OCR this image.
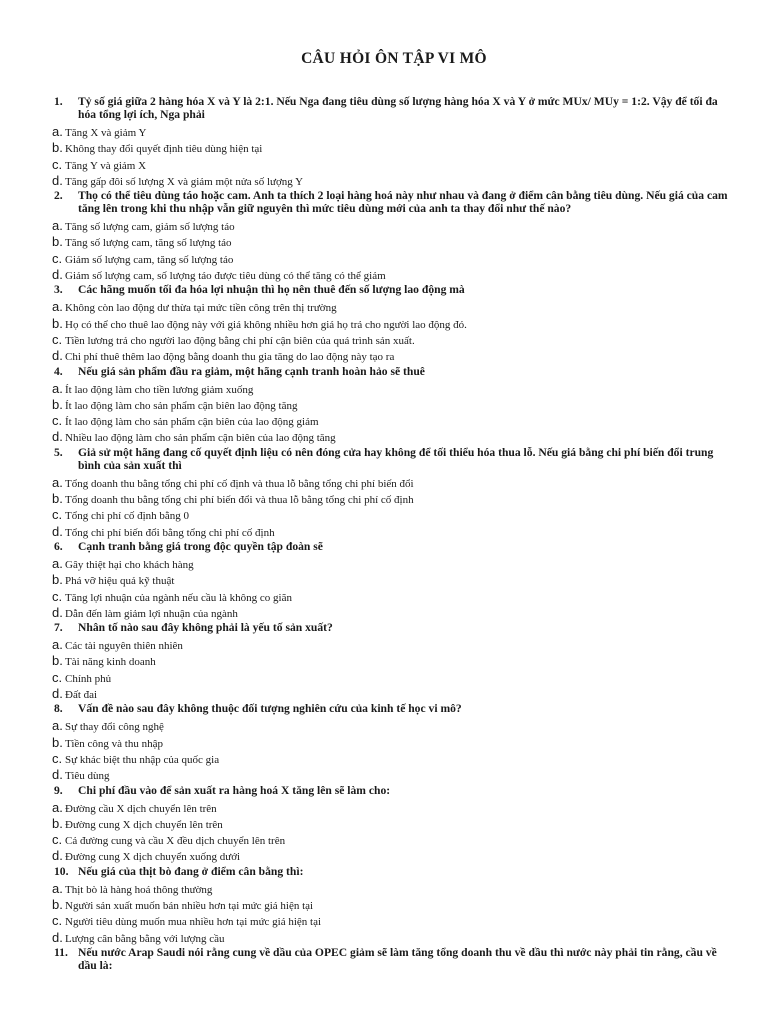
CÂU HỎI ÔN TẬP VI MÔ
1.	Tỷ số giá giữa 2 hàng hóa X và Y là 2:1. Nếu Nga đang tiêu dùng số lượng hàng hóa X và Y ở mức MUx/ MUy = 1:2. Vậy để tối đa hóa tổng lợi ích, Nga phải
a. Tăng X và giảm Y
b. Không thay đổi quyết định tiêu dùng hiện tại
c. Tăng Y và giảm X
d. Tăng gấp đôi số lượng X và giảm một nửa số lượng Y
2.	Thọ có thể tiêu dùng táo hoặc cam. Anh ta thích 2 loại hàng hoá này như nhau và đang ở điểm cân bằng tiêu dùng. Nếu giá của cam tăng lên trong khi thu nhập vẫn giữ nguyên thì mức tiêu dùng mới của anh ta thay đổi như thế nào?
a. Tăng số lượng cam, giảm số lượng táo
b. Tăng số lượng cam, tăng số lượng táo
c. Giảm số lượng cam, tăng số lượng táo
d. Giảm số lượng cam, số lượng táo được tiêu dùng có thể tăng có thể giảm
3.	Các hãng muốn tối đa hóa lợi nhuận thì họ nên thuê đến số lượng lao động mà
a. Không còn lao động dư thừa tại mức tiền công trên thị trường
b. Họ có thể cho thuê lao động này với giá không nhiều hơn giá họ trả cho người lao động đó.
c. Tiền lương trả cho người lao động bằng chi phí cận biên của quá trình sản xuất.
d. Chi phí thuê thêm lao động bằng doanh thu gia tăng do lao động này tạo ra
4.	Nếu giá sản phẩm đầu ra giảm, một hãng cạnh tranh hoàn hảo sẽ thuê
a. Ít lao động làm cho tiền lương giảm xuống
b. Ít lao động làm cho sản phẩm cận biên lao động tăng
c. Ít lao động làm cho sản phẩm cận biên của lao động giảm
d. Nhiều lao động làm cho sản phẩm cận biên của lao động tăng
5.	Giả sử một hãng đang cố quyết định liệu có nên đóng cửa hay không để tối thiểu hóa thua lỗ. Nếu giá bằng chi phí biến đổi trung bình của sản xuất thì
a. Tổng doanh thu bằng tổng chi phí cố định và thua lỗ bằng tổng chi phí biến đổi
b. Tổng doanh thu bằng tổng chi phí biến đổi và thua lỗ bằng tổng chi phí cố định
c. Tổng chi phí cố định bằng 0
d. Tổng chi phí biến đổi bằng tổng chi phí cố định
6.	Cạnh tranh bằng giá trong độc quyền tập đoàn sẽ
a. Gây thiệt hại cho khách hàng
b. Phá vỡ hiệu quả kỹ thuật
c. Tăng lợi nhuận của ngành nếu cầu là không co giãn
d. Dẫn đến làm giảm lợi nhuận của ngành
7.	Nhân tố nào sau đây không phải là yếu tố sản xuất?
a. Các tài nguyên thiên nhiên
b. Tài năng kinh doanh
c. Chính phủ
d. Đất đai
8.	Vấn đề nào sau đây không thuộc đối tượng nghiên cứu của kinh tế học vi mô?
a. Sự thay đổi công nghệ
b. Tiền công và thu nhập
c. Sự khác biệt thu nhập của quốc gia
d. Tiêu dùng
9.	Chi phí đầu vào để sản xuất ra hàng hoá X tăng lên sẽ làm cho:
a. Đường cầu X dịch chuyển lên trên
b. Đường cung X dịch chuyển lên trên
c. Cả đường cung và cầu X đều dịch chuyển lên trên
d. Đường cung X dịch chuyển xuống dưới
10. Nếu giá của thịt bò đang ở điểm cân bằng thì:
a. Thịt bò là hàng hoá thông thường
b. Người sản xuất muốn bán nhiều hơn tại mức giá hiện tại
c. Người tiêu dùng muốn mua nhiều hơn tại mức giá hiện tại
d. Lượng cân bằng bằng với lượng cầu
11. Nếu nước Arap Saudi nói rằng cung về dầu của OPEC giảm sẽ làm tăng tổng doanh thu về dầu thì nước này phải tin rằng, cầu về dầu là:
